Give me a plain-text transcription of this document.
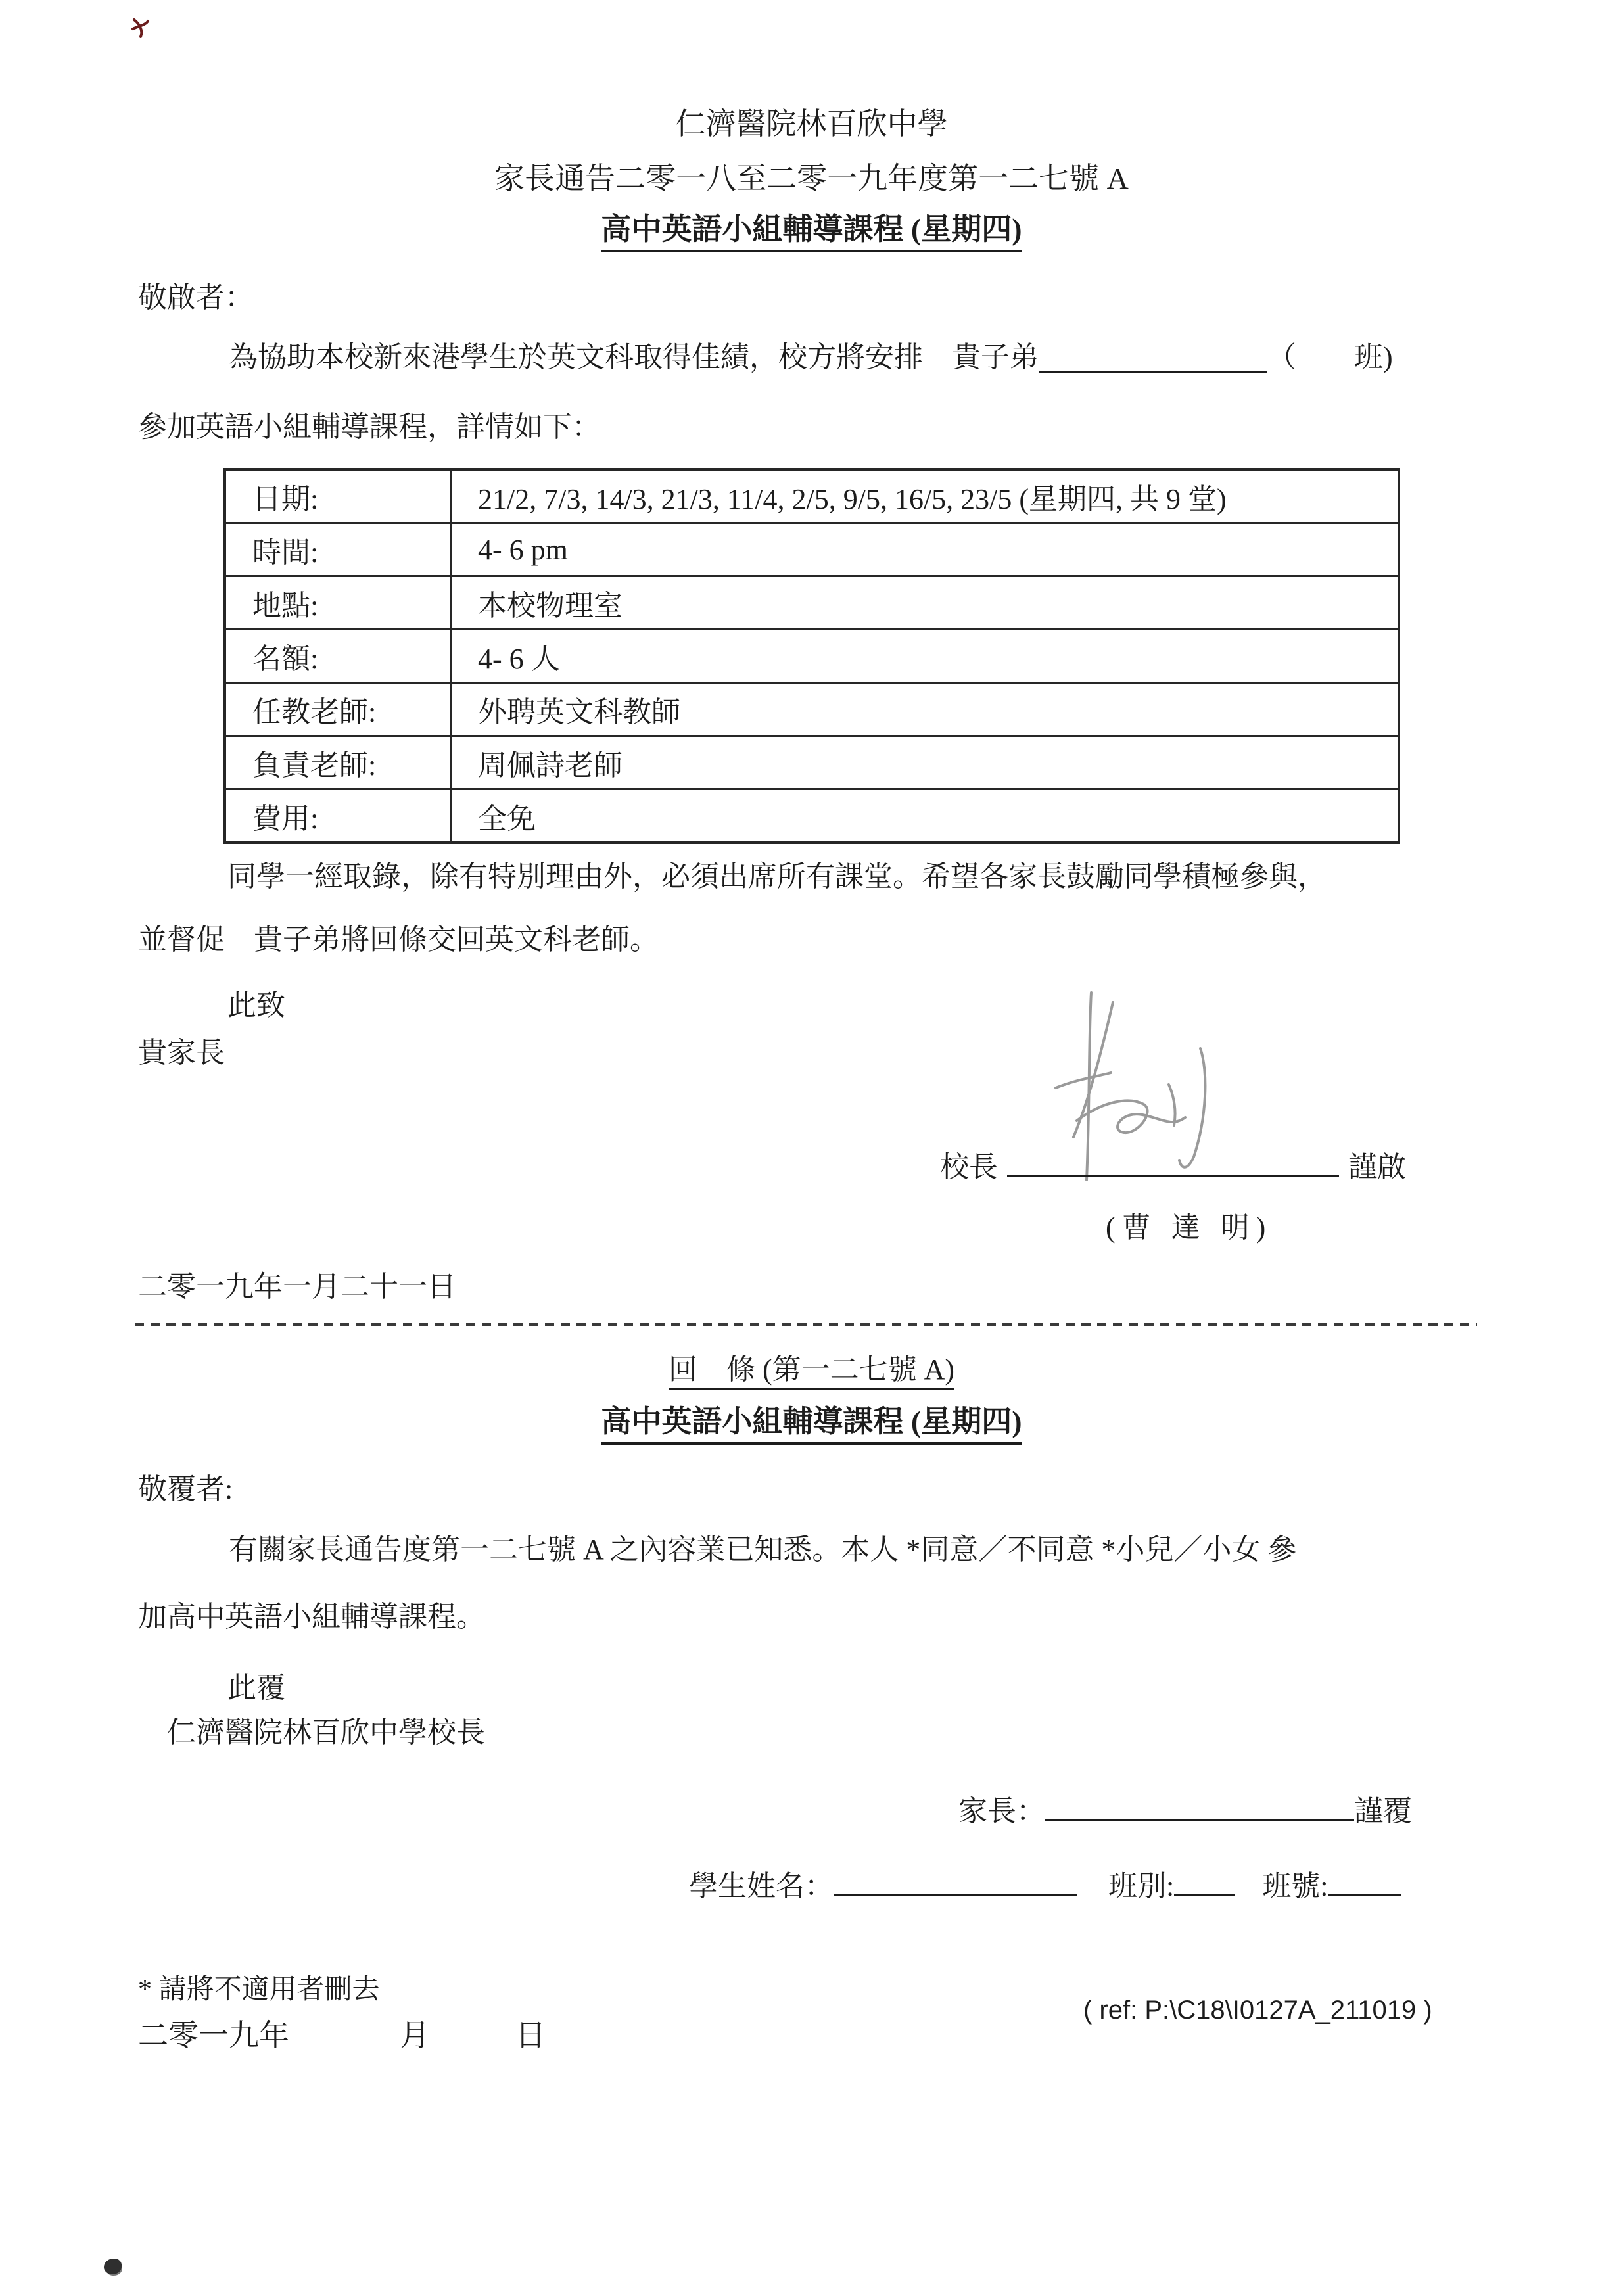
仁濟醫院林百欣中學
家長通告二零一八至二零一九年度第一二七號 A
高中英語小組輔導課程 (星期四)
敬啟者：
為協助本校新來港學生於英文科取得佳績，校方將安排　貴子弟	（ 班)
參加英語小組輔導課程，詳情如下：
日期:	21/2, 7/3, 14/3, 21/3, 11/4, 2/5, 9/5, 16/5, 23/5 (星期四, 共 9 堂)
時間:	4- 6 pm
地點:	本校物理室
名額:	4- 6 人
任教老師:	外聘英文科教師
負責老師:	周佩詩老師
費用:	全免
同學一經取錄，除有特別理由外，必須出席所有課堂。希望各家長鼓勵同學積極參與，
並督促　貴子弟將回條交回英文科老師。
此致
貴家長
校長	謹啟
(曹 達 明)
二零一九年一月二十一日
回　條 (第一二七號 A)
高中英語小組輔導課程 (星期四)
敬覆者:
有關家長通告度第一二七號 A 之內容業已知悉。本人 *同意／不同意 *小兒／小女 參
加高中英語小組輔導課程。
此覆
仁濟醫院林百欣中學校長
家長：	謹覆
學生姓名：	班別:	班號:
* 請將不適用者刪去
二零一九年	月	日
( ref: P:\C18\I0127A_211019 )
